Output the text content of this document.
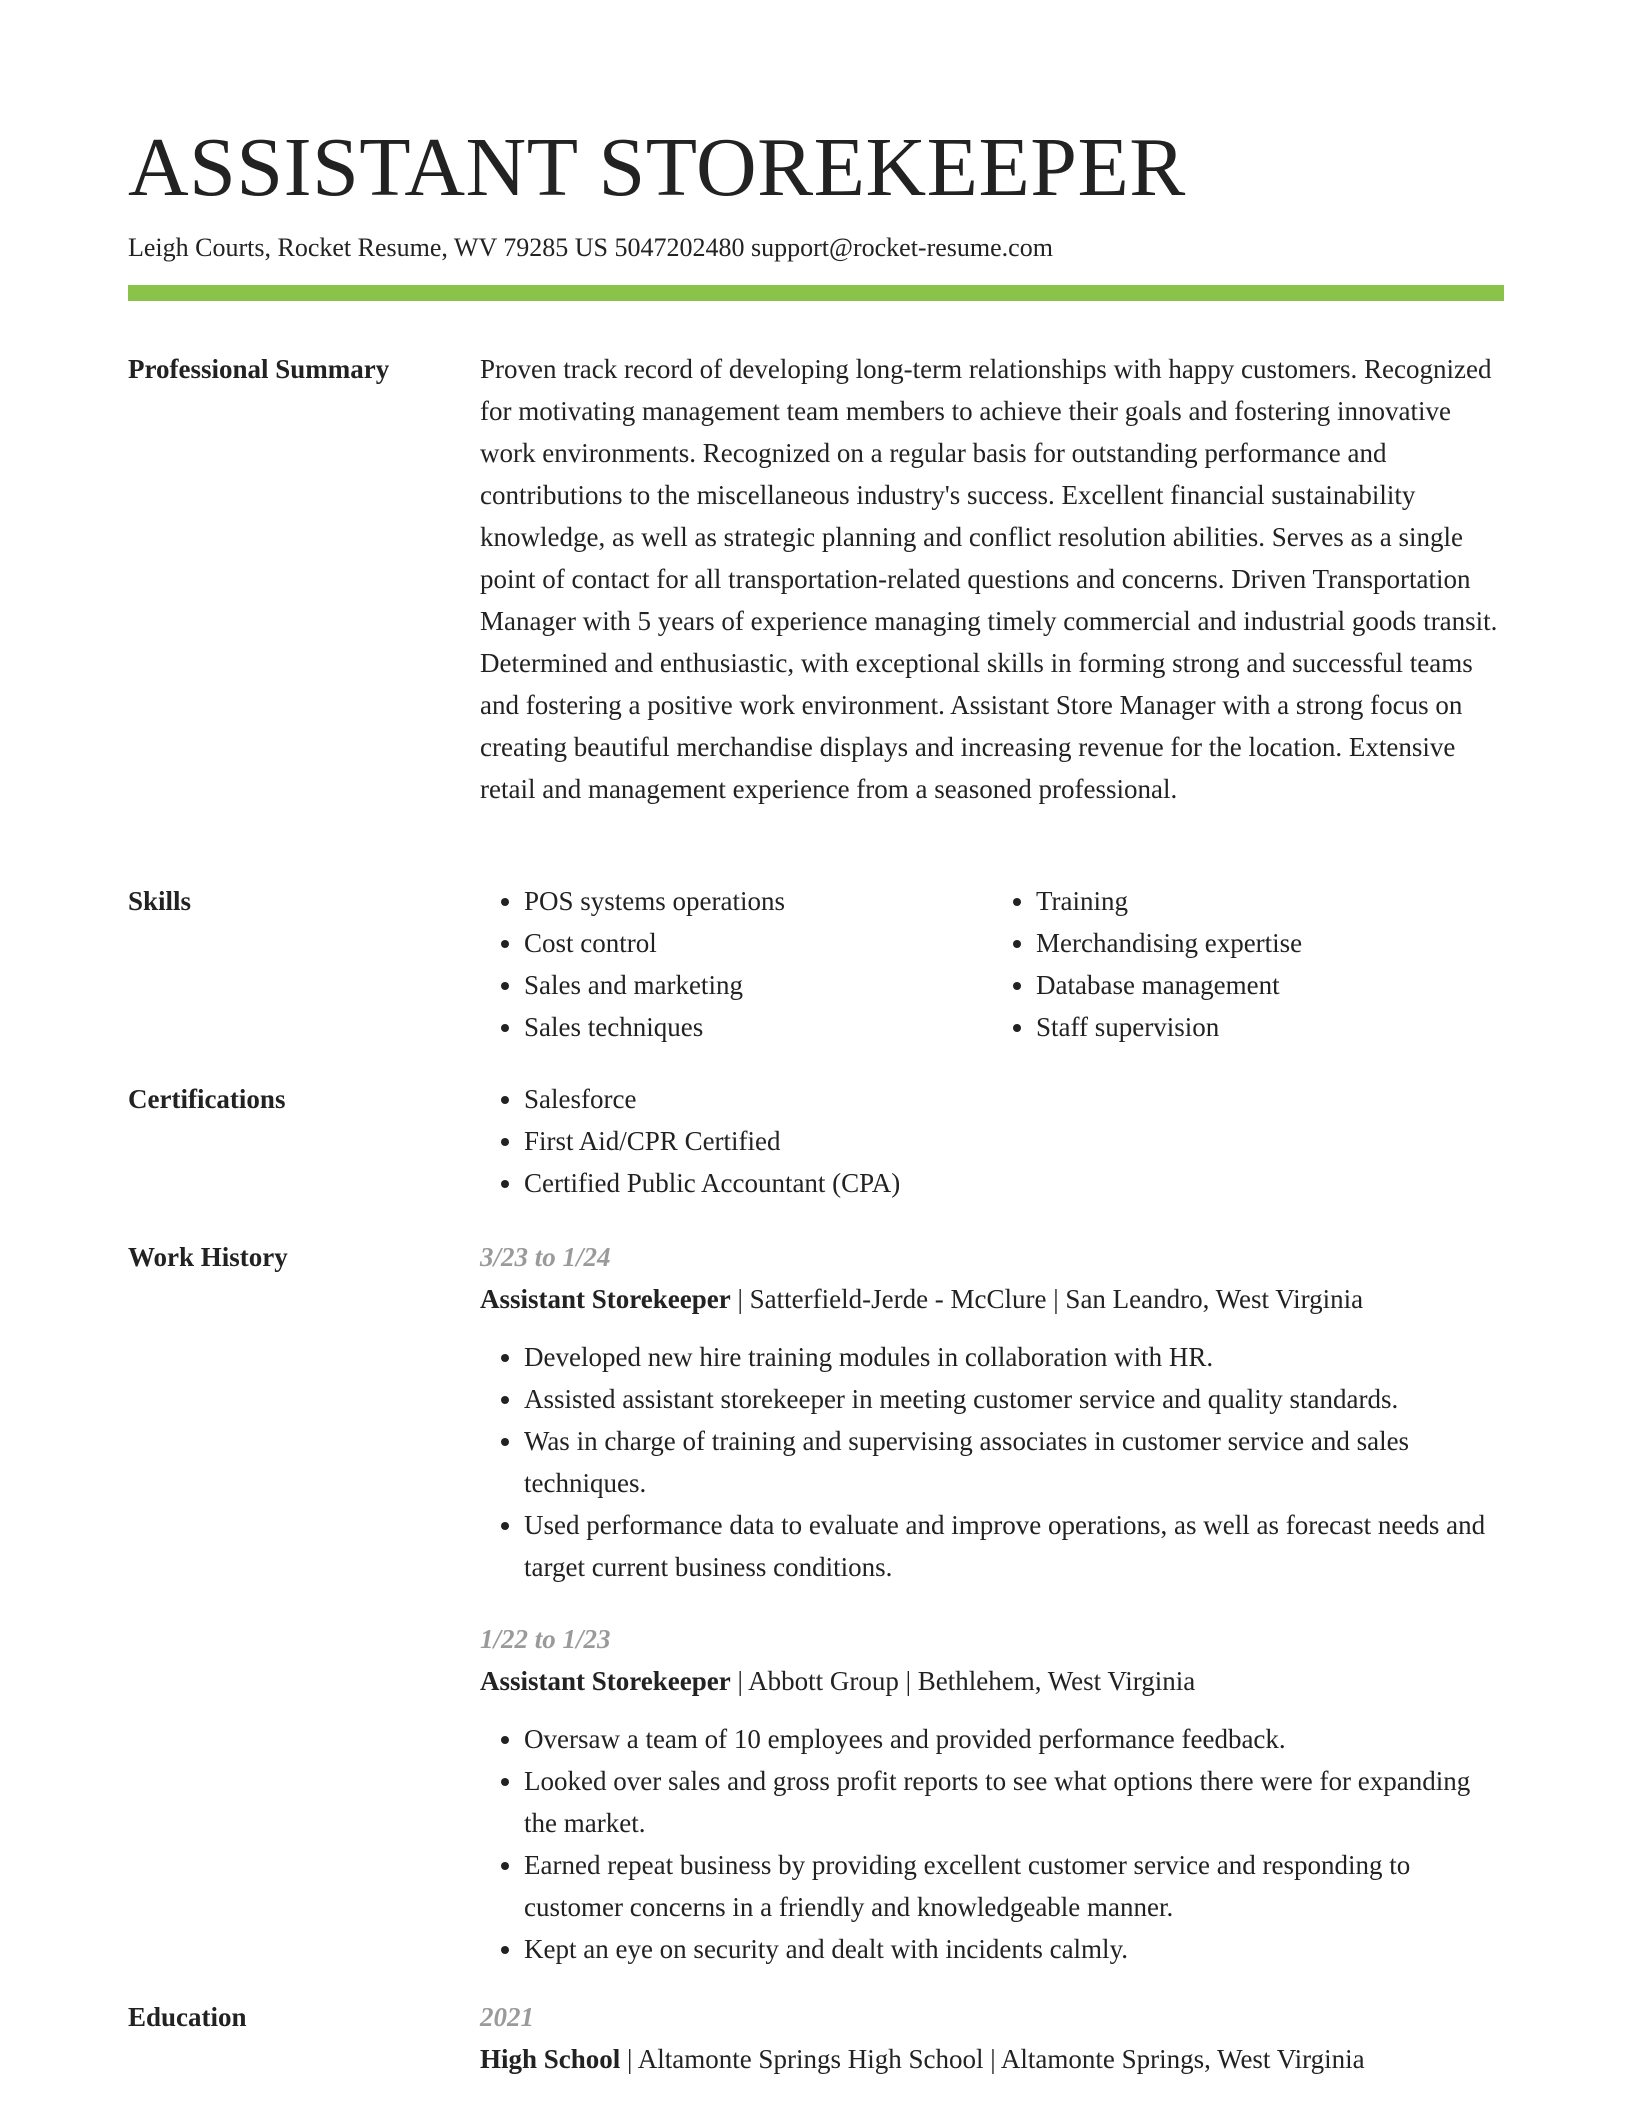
ASSISTANT STOREKEEPER
Leigh Courts, Rocket Resume, WV 79285 US 5047202480 support@rocket-resume.com
Professional Summary	Proven track record of developing long-term relationships with happy customers. Recognized for motivating management team members to achieve their goals and fostering innovative work environments. Recognized on a regular basis for outstanding performance and contributions to the miscellaneous industry's success. Excellent financial sustainability knowledge, as well as strategic planning and conflict resolution abilities. Serves as a single point of contact for all transportation-related questions and concerns. Driven Transportation Manager with 5 years of experience managing timely commercial and industrial goods transit. Determined and enthusiastic, with exceptional skills in forming strong and successful teams and fostering a positive work environment. Assistant Store Manager with a strong focus on creating beautiful merchandise displays and increasing revenue for the location. Extensive retail and management experience from a seasoned professional.

Skills	• POS systems operations
• Cost control
• Sales and marketing
• Sales techniques
• Training
• Merchandising expertise
• Database management
• Staff supervision
Certifications	• Salesforce
• First Aid/CPR Certified
• Certified Public Accountant (CPA)
Work History	3/23 to 1/24
Assistant Storekeeper | Satterfield-Jerde - McClure | San Leandro, West Virginia
• Developed new hire training modules in collaboration with HR.
• Assisted assistant storekeeper in meeting customer service and quality standards.
• Was in charge of training and supervising associates in customer service and sales techniques.
• Used performance data to evaluate and improve operations, as well as forecast needs and target current business conditions.
1/22 to 1/23
Assistant Storekeeper | Abbott Group | Bethlehem, West Virginia
• Oversaw a team of 10 employees and provided performance feedback.
• Looked over sales and gross profit reports to see what options there were for expanding the market.
• Earned repeat business by providing excellent customer service and responding to customer concerns in a friendly and knowledgeable manner.
• Kept an eye on security and dealt with incidents calmly.
Education	2021
High School | Altamonte Springs High School | Altamonte Springs, West Virginia
